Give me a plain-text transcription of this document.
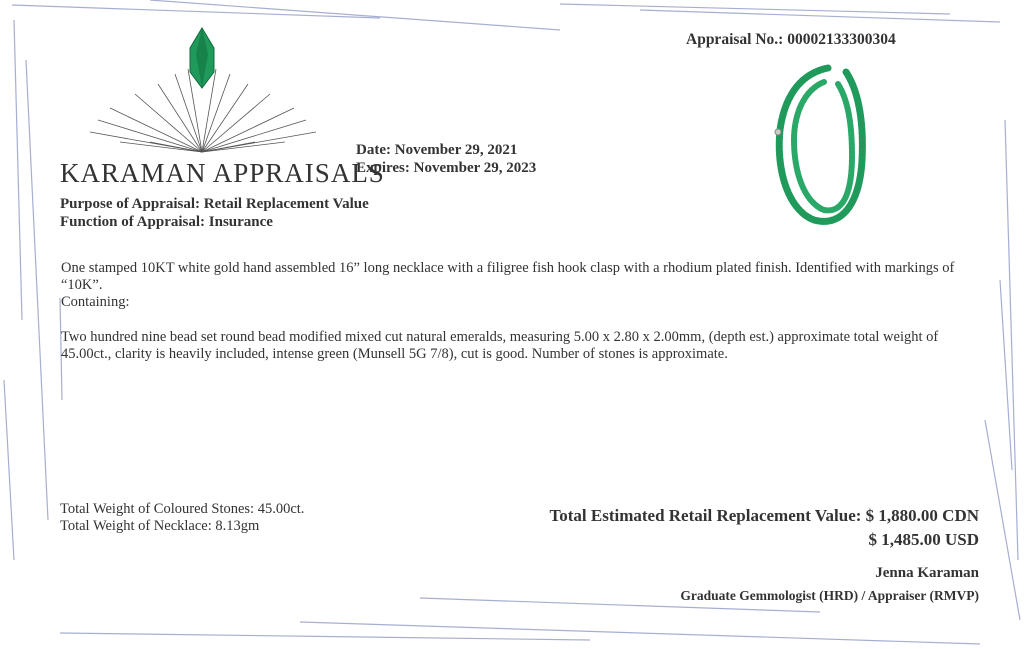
KARAMAN APPRAISALS
Appraisal No.: 00002133300304
Date: November 29, 2021
Expires: November 29, 2023
Purpose of Appraisal: Retail Replacement Value
Function of Appraisal: Insurance

One stamped 10KT white gold hand assembled 16” long necklace with a filigree fish hook clasp with a rhodium plated finish. Identified with markings of “10K”.

Containing:

Two hundred nine bead set round bead modified mixed cut natural emeralds, measuring 5.00 x 2.80 x 2.00mm, (depth est.) approximate total weight of 45.00ct., clarity is heavily included, intense green (Munsell 5G 7/8), cut is good. Number of stones is approximate.

Total Weight of Coloured Stones: 45.00ct.
Total Weight of Necklace: 8.13gm
Total Estimated Retail Replacement Value: $ 1,880.00 CDN
$ 1,485.00 USD
Jenna Karaman
Graduate Gemmologist (HRD) / Appraiser (RMVP)
